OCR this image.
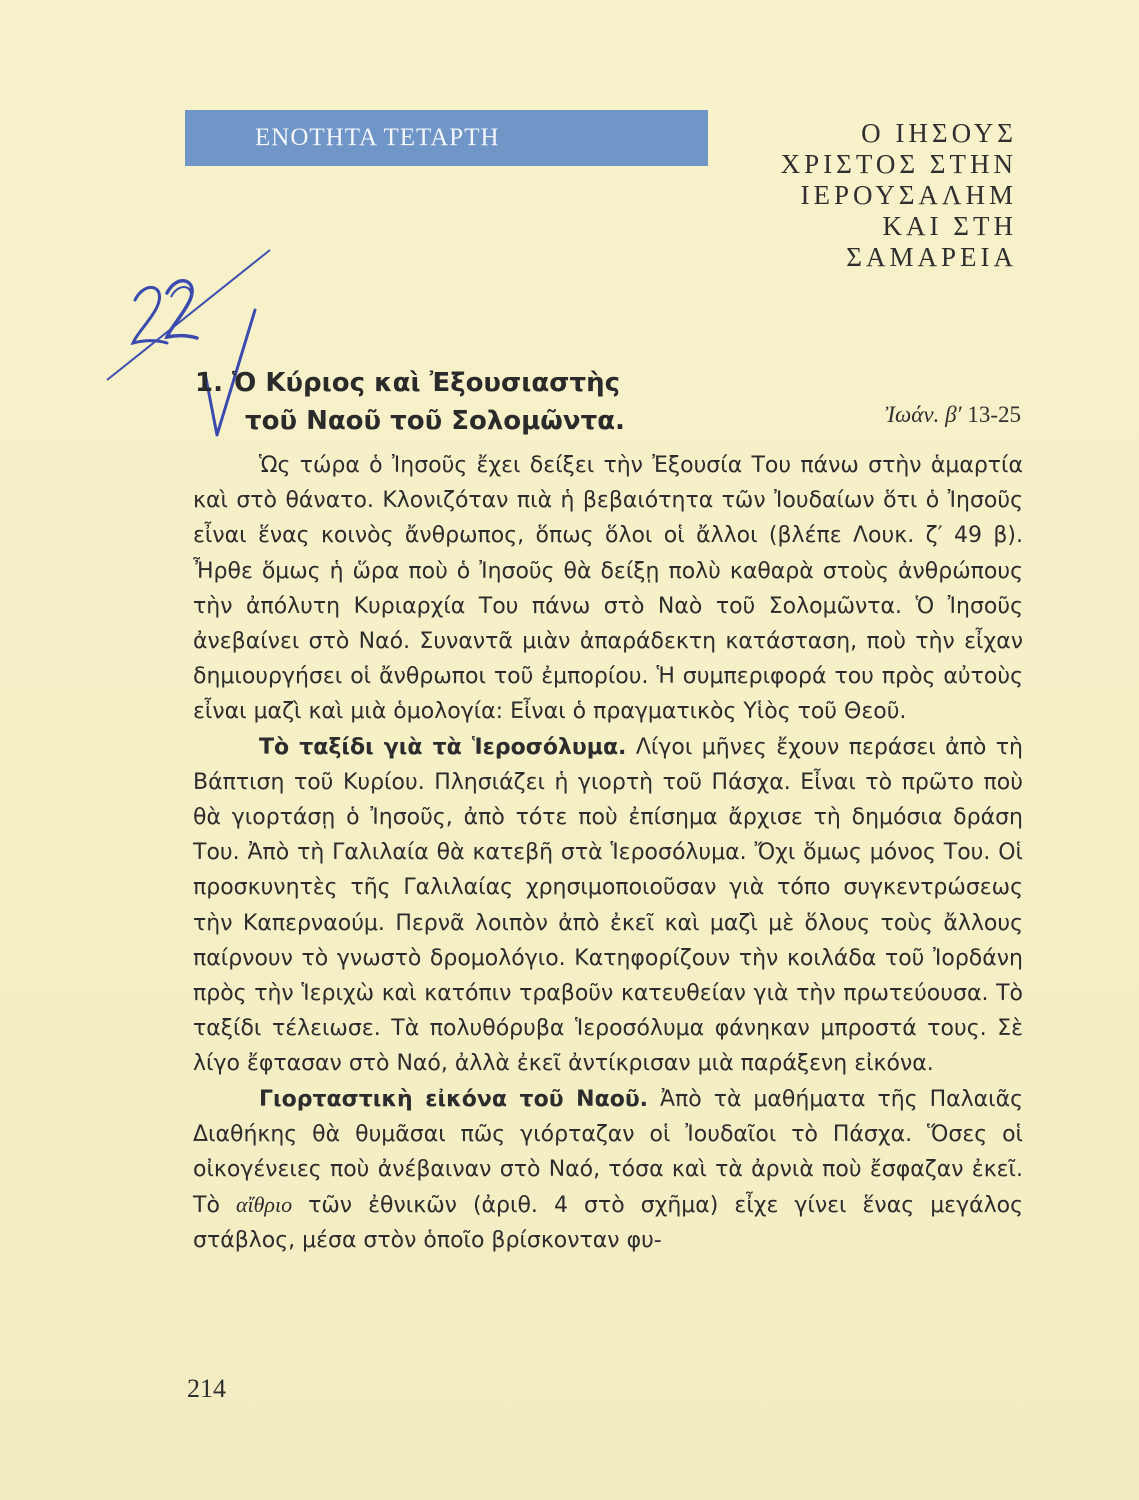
ΕΝΟΤΗΤΑ ΤΕΤΑΡΤΗ	Ο ΙΗΣΟΥΣ
ΧΡΙΣΤΟΣ ΣΤΗΝ
ΙΕΡΟΥΣΑΛΗΜ
ΚΑΙ ΣΤΗ
ΣΑΜΑΡΕΙΑ
1. Ὁ Κύριος καὶ Ἐξουσιαστὴς
τοῦ Ναοῦ τοῦ Σολομῶντα.	Ἰωάν. β′ 13-25

Ὡς τώρα ὁ Ἰησοῦς ἔχει δείξει τὴν Ἐξουσία Του πάνω στὴν ἁμαρτία καὶ στὸ θάνατο. Κλονιζόταν πιὰ ἡ βεβαιότητα τῶν Ἰουδαίων ὅτι ὁ Ἰησοῦς εἶναι ἕνας κοινὸς ἄνθρωπος, ὅπως ὅλοι οἱ ἄλλοι (βλέπε Λουκ. ζ′ 49 β). Ἦρθε ὅμως ἡ ὥρα ποὺ ὁ Ἰησοῦς θὰ δείξῃ πολὺ καθαρὰ στοὺς ἀνθρώπους τὴν ἀπόλυτη Κυριαρχία Του πάνω στὸ Ναὸ τοῦ Σολομῶντα. Ὁ Ἰησοῦς ἀνεβαίνει στὸ Ναό. Συναντᾶ μιὰν ἀπαράδεκτη κατάσταση, ποὺ τὴν εἶχαν δημιουργήσει οἱ ἄνθρωποι τοῦ ἐμπορίου. Ἡ συμπεριφορά του πρὸς αὐτοὺς εἶναι μαζὶ καὶ μιὰ ὁμολογία: Εἶναι ὁ πραγματικὸς Υἱὸς τοῦ Θεοῦ.

Τὸ ταξίδι γιὰ τὰ Ἱεροσόλυμα. Λίγοι μῆνες ἔχουν περάσει ἀπὸ τὴ Βάπτιση τοῦ Κυρίου. Πλησιάζει ἡ γιορτὴ τοῦ Πάσχα. Εἶναι τὸ πρῶτο ποὺ θὰ γιορτάσῃ ὁ Ἰησοῦς, ἀπὸ τότε ποὺ ἐπίσημα ἄρχισε τὴ δημόσια δράση Του. Ἀπὸ τὴ Γαλιλαία θὰ κατεβῆ στὰ Ἱεροσόλυμα. Ὄχι ὅμως μόνος Του. Οἱ προσκυνητὲς τῆς Γαλιλαίας χρησιμοποιοῦσαν γιὰ τόπο συγκεντρώσεως τὴν Καπερναούμ. Περνᾶ λοιπὸν ἀπὸ ἐκεῖ καὶ μαζὶ μὲ ὅλους τοὺς ἄλλους παίρνουν τὸ γνωστὸ δρομολόγιο. Κατηφορίζουν τὴν κοιλάδα τοῦ Ἰορδάνη πρὸς τὴν Ἱεριχὼ καὶ κατόπιν τραβοῦν κατευθείαν γιὰ τὴν πρωτεύουσα. Τὸ ταξίδι τέλειωσε. Τὰ πολυθόρυβα Ἱεροσόλυμα φάνηκαν μπροστά τους. Σὲ λίγο ἔφτασαν στὸ Ναό, ἀλλὰ ἐκεῖ ἀντίκρισαν μιὰ παράξενη εἰκόνα.

Γιορταστικὴ εἰκόνα τοῦ Ναοῦ. Ἀπὸ τὰ μαθήματα τῆς Παλαιᾶς Διαθήκης θὰ θυμᾶσαι πῶς γιόρταζαν οἱ Ἰουδαῖοι τὸ Πάσχα. Ὅσες οἱ οἰκογένειες ποὺ ἀνέβαιναν στὸ Ναό, τόσα καὶ τὰ ἀρνιὰ ποὺ ἔσφαζαν ἐκεῖ. Τὸ αἴθριο τῶν ἐθνικῶν (ἀριθ. 4 στὸ σχῆμα) εἶχε γίνει ἕνας μεγάλος στάβλος, μέσα στὸν ὁποῖο βρίσκονταν φυ-

214
